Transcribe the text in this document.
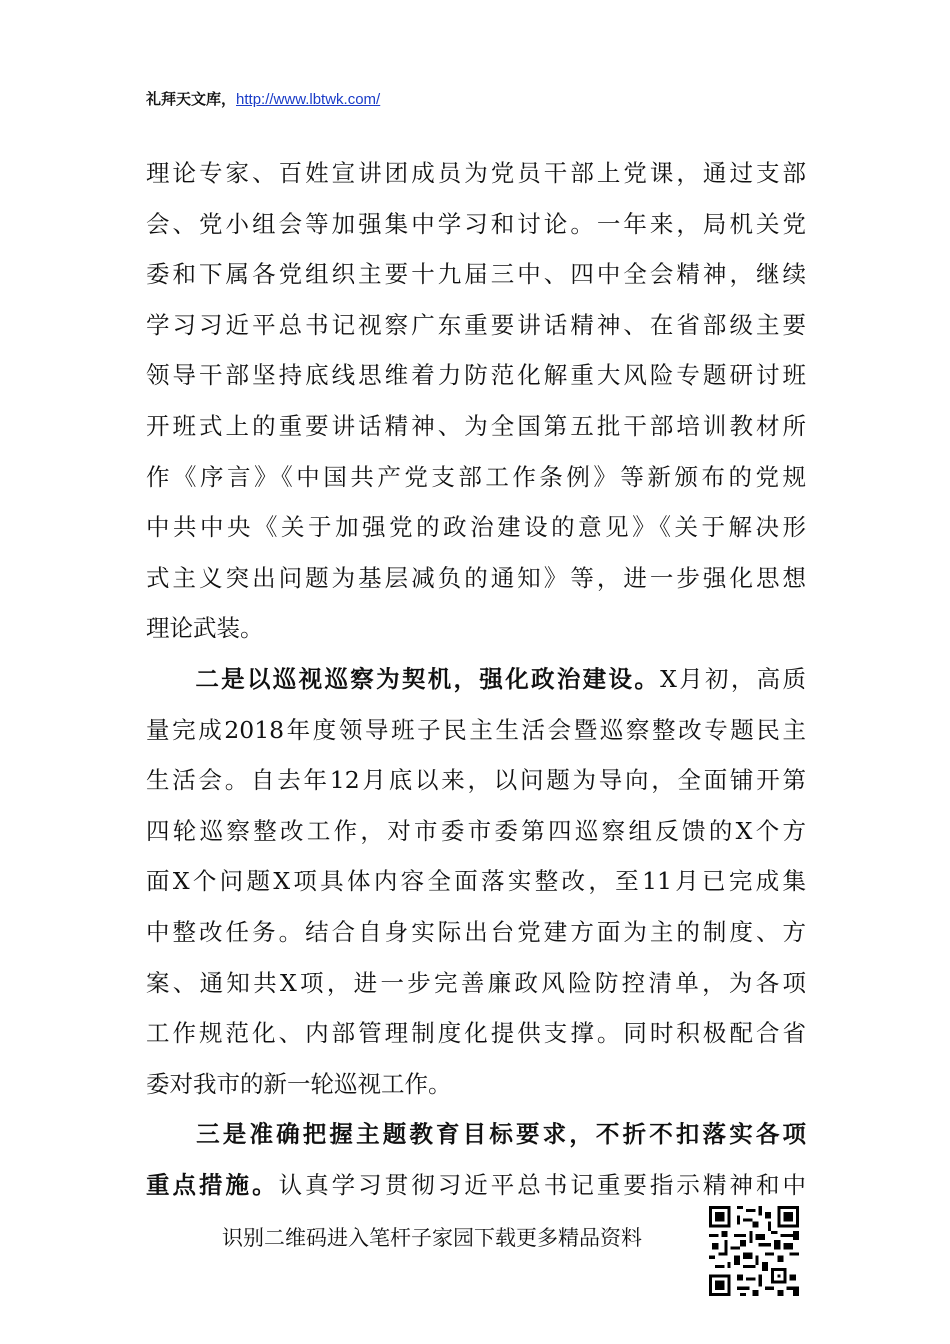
礼拜天文库，http://www.lbtwk.com/
理论专家、百姓宣讲团成员为党员干部上党课，通过支部
会、党小组会等加强集中学习和讨论。一年来，局机关党
委和下属各党组织主要十九届三中、四中全会精神，继续
学习习近平总书记视察广东重要讲话精神、在省部级主要
领导干部坚持底线思维着力防范化解重大风险专题研讨班
开班式上的重要讲话精神、为全国第五批干部培训教材所
作《序言》《中国共产党支部工作条例》等新颁布的党规
中共中央《关于加强党的政治建设的意见》《关于解决形
式主义突出问题为基层减负的通知》等，进一步强化思想
理论武装。
二是以巡视巡察为契机，强化政治建设。X月初，高质
量完成2018年度领导班子民主生活会暨巡察整改专题民主
生活会。自去年12月底以来，以问题为导向，全面铺开第
四轮巡察整改工作，对市委市委第四巡察组反馈的X个方
面X个问题X项具体内容全面落实整改，至11月已完成集
中整改任务。结合自身实际出台党建方面为主的制度、方
案、通知共X项，进一步完善廉政风险防控清单，为各项
工作规范化、内部管理制度化提供支撑。同时积极配合省
委对我市的新一轮巡视工作。
三是准确把握主题教育目标要求，不折不扣落实各项
重点措施。认真学习贯彻习近平总书记重要指示精神和中
识别二维码进入笔杆子家园下载更多精品资料
